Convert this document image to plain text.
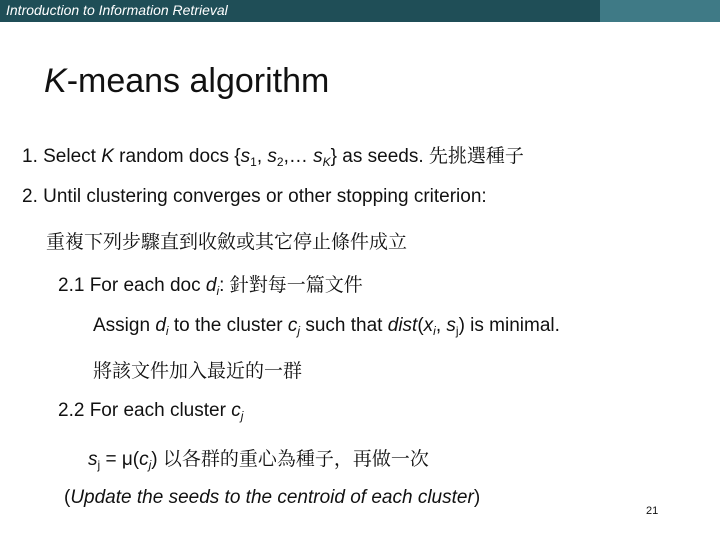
Introduction to Information Retrieval
K-means algorithm
1. Select K random docs {$s_1$, $s_2,\dots$ $s_K$} as seeds. 先挑選種子
2. Until clustering converges or other stopping criterion:
重複下列步驟直到收斂或其它停止條件成立
2.1 For each doc $d_i$: 針對每一篇文件
Assign $d_i$ to the cluster $c_j$ such that $dist(x_i$, $s_j$) is minimal.
將該文件加入最近的一群
2.2 For each cluster $c_j$
$s_j = \mu(c_j)$ 以各群的重心為種子，再做一次
(Update the seeds to the centroid of each cluster)
21
